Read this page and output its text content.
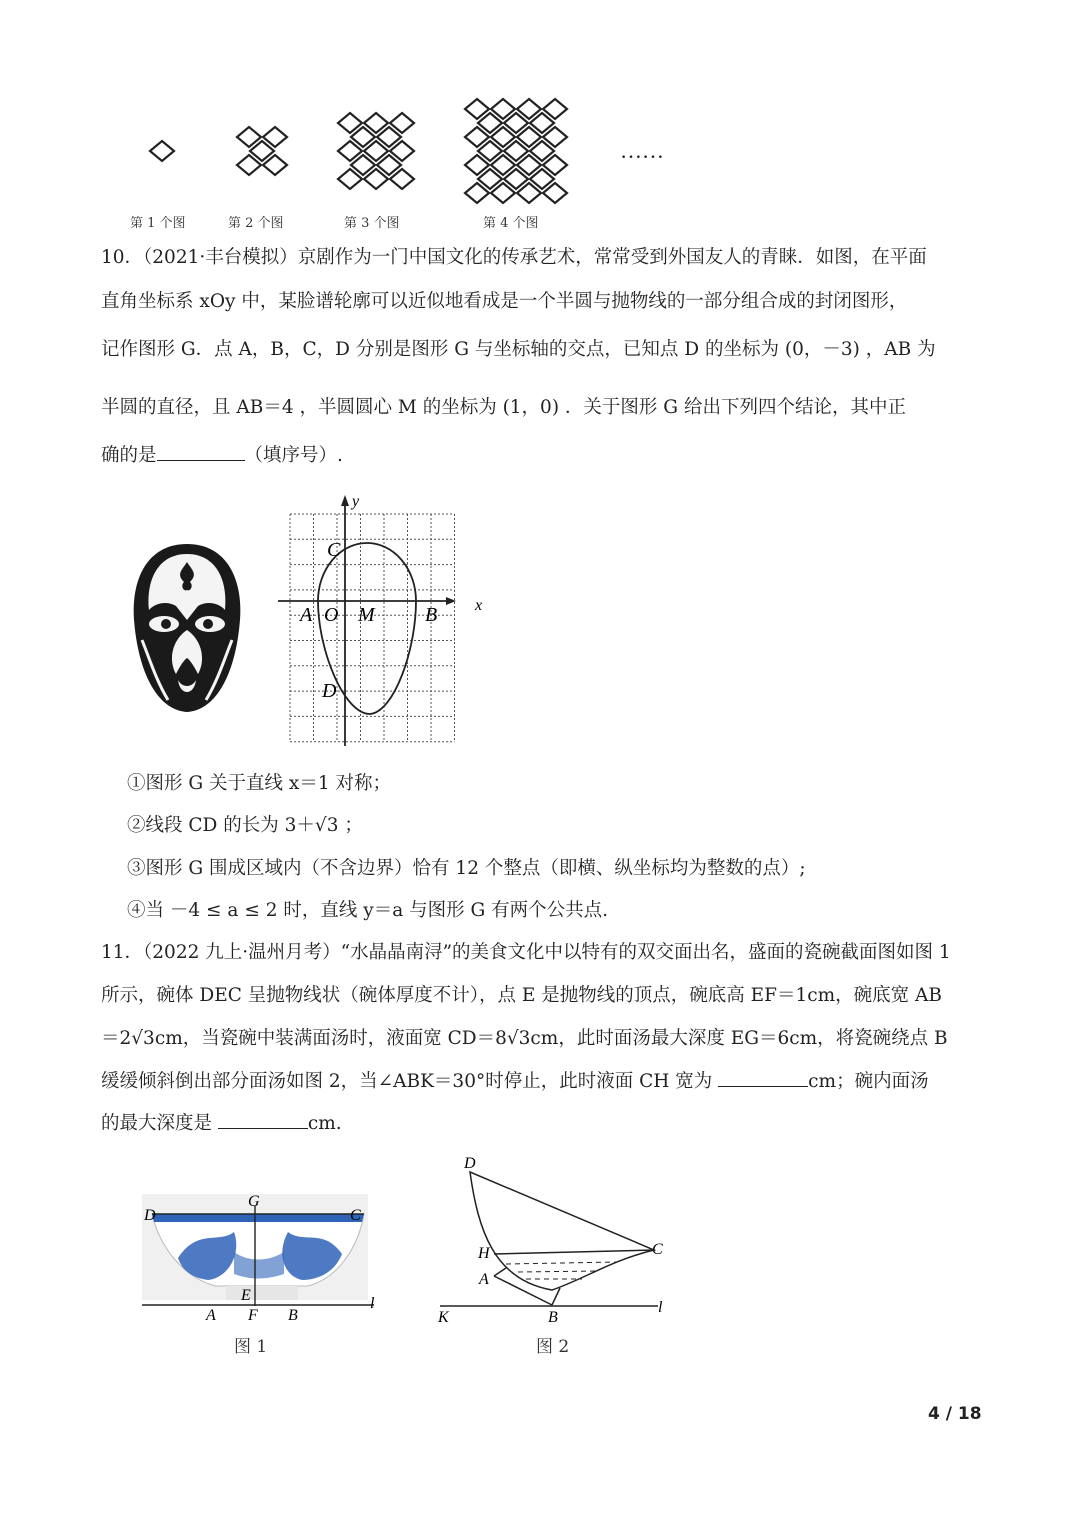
……
第 1 个图	第 2 个图	第 3 个图	第 4 个图
10．（2021·丰台模拟）京剧作为一门中国文化的传承艺术，常常受到外国友人的青睐．如图，在平面
直角坐标系 xOy 中，某脸谱轮廓可以近似地看成是一个半圆与抛物线的一部分组合成的封闭图形，
记作图形 G．点 A，B，C，D 分别是图形 G 与坐标轴的交点，已知点 D 的坐标为 (0，－3) ，AB 为
半圆的直径，且 AB＝4 ，半圆圆心 M 的坐标为 (1，0) ．关于图形 G 给出下列四个结论，其中正
确的是	（填序号）.
y
x
C
A O M	B
D
①图形 G 关于直线 x＝1 对称；
②线段 CD 的长为 3＋√3 ；
③图形 G 围成区域内（不含边界）恰有 12 个整点（即横、纵坐标均为整数的点）;
④当 －4 ≤ a ≤ 2 时，直线 y＝a 与图形 G 有两个公共点.
11．（2022 九上·温州月考）“水晶晶南浔”的美食文化中以特有的双交面出名，盛面的瓷碗截面图如图 1
所示，碗体 DEC 呈抛物线状（碗体厚度不计），点 E 是抛物线的顶点，碗底高 EF＝1cm，碗底宽 AB
＝2√3cm，当瓷碗中装满面汤时，液面宽 CD＝8√3cm，此时面汤最大深度 EG＝6cm，将瓷碗绕点 B
缓缓倾斜倒出部分面汤如图 2，当∠ABK＝30°时停止，此时液面 CH 宽为	cm；碗内面汤
的最大深度是	cm.
D
G
C
E
A F B
l
图 1
D
H	C
A
K	B
l
图 2
4 / 18
